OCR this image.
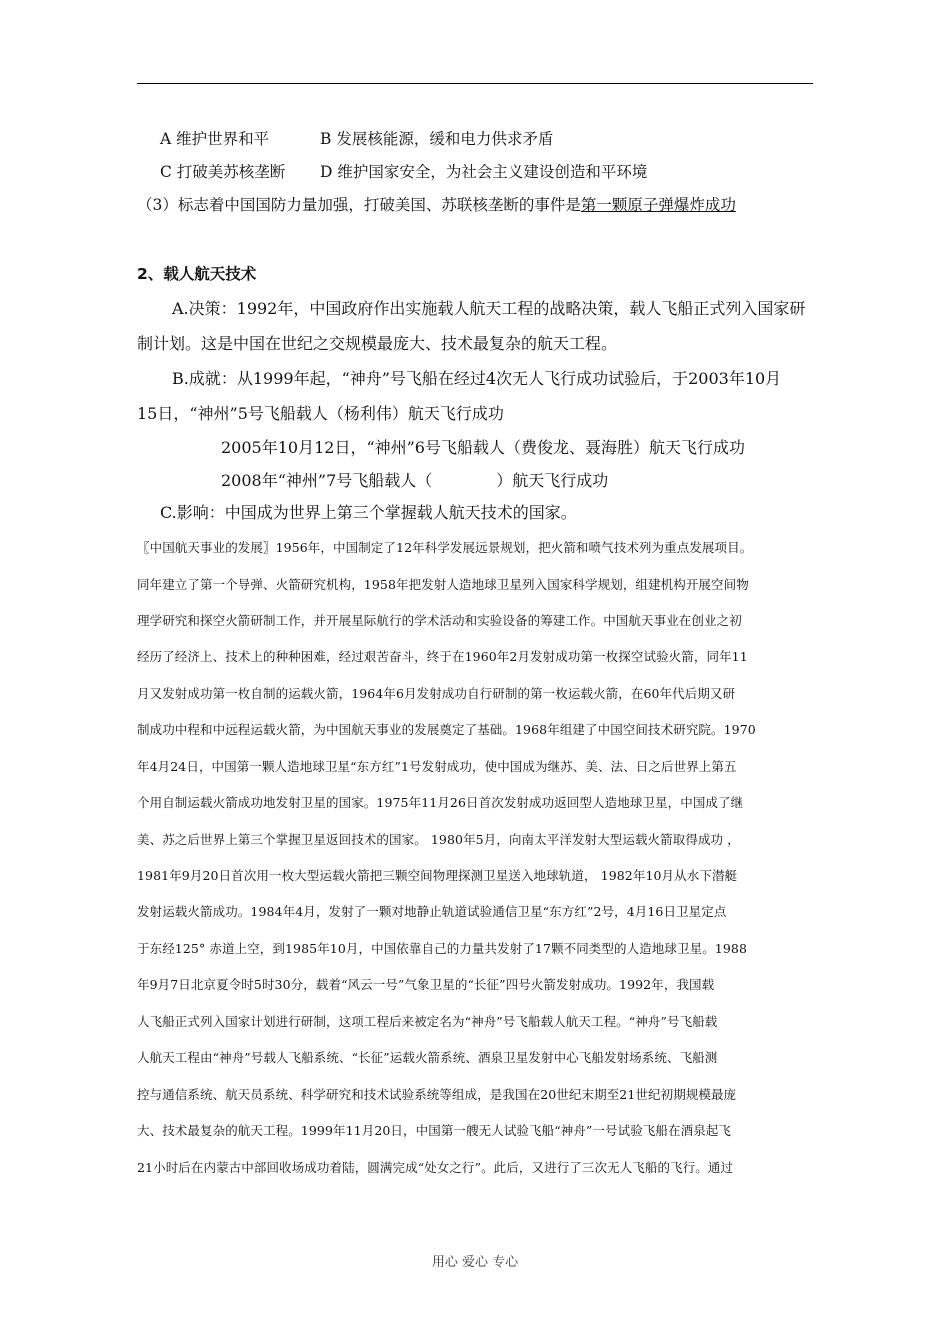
A 维护世界和平	B 发展核能源，缓和电力供求矛盾
C 打破美苏核垄断 D 维护国家安全，为社会主义建设创造和平环境
（3）标志着中国国防力量加强，打破美国、苏联核垄断的事件是第一颗原子弹爆炸成功
2、载人航天技术
A.决策：1992年，中国政府作出实施载人航天工程的战略决策，载人飞船正式列入国家研
制计划。这是中国在世纪之交规模最庞大、技术最复杂的航天工程。
B.成就：从1999年起，“神舟”号飞船在经过4次无人飞行成功试验后，于2003年10月
15日，“神州”5号飞船载人（杨利伟）航天飞行成功
2005年10月12日，“神州”6号飞船载人（费俊龙、聂海胜）航天飞行成功
2008年“神州”7号飞船载人（　　　　）航天飞行成功
C.影响：中国成为世界上第三个掌握载人航天技术的国家。
〖中国航天事业的发展〗1956年，中国制定了12年科学发展远景规划，把火箭和喷气技术列为重点发展项目。
同年建立了第一个导弹、火箭研究机构，1958年把发射人造地球卫星列入国家科学规划，组建机构开展空间物
理学研究和探空火箭研制工作，并开展星际航行的学术活动和实验设备的筹建工作。中国航天事业在创业之初
经历了经济上、技术上的种种困难，经过艰苦奋斗，终于在1960年2月发射成功第一枚探空试验火箭，同年11
月又发射成功第一枚自制的运载火箭，1964年6月发射成功自行研制的第一枚运载火箭，在60年代后期又研
制成功中程和中远程运载火箭，为中国航天事业的发展奠定了基础。1968年组建了中国空间技术研究院。1970
年4月24日，中国第一颗人造地球卫星“东方红”1号发射成功，使中国成为继苏、美、法、日之后世界上第五
个用自制运载火箭成功地发射卫星的国家。1975年11月26日首次发射成功返回型人造地球卫星，中国成了继
美、苏之后世界上第三个掌握卫星返回技术的国家。 1980年5月，向南太平洋发射大型运载火箭取得成功 ，
1981年9月20日首次用一枚大型运载火箭把三颗空间物理探测卫星送入地球轨道， 1982年10月从水下潜艇
发射运载火箭成功。1984年4月，发射了一颗对地静止轨道试验通信卫星“东方红”2号，4月16日卫星定点
于东经125° 赤道上空，到1985年10月，中国依靠自己的力量共发射了17颗不同类型的人造地球卫星。1988
年9月7日北京夏令时5时30分，载着“风云一号”气象卫星的“长征”四号火箭发射成功。1992年，我国载
人飞船正式列入国家计划进行研制，这项工程后来被定名为“神舟”号飞船载人航天工程。“神舟”号飞船载
人航天工程由“神舟”号载人飞船系统、“长征”运载火箭系统、酒泉卫星发射中心飞船发射场系统、飞船测
控与通信系统、航天员系统、科学研究和技术试验系统等组成，是我国在20世纪末期至21世纪初期规模最庞
大、技术最复杂的航天工程。1999年11月20日，中国第一艘无人试验飞船“神舟”一号试验飞船在酒泉起飞
21小时后在内蒙古中部回收场成功着陆，圆满完成“处女之行”。此后，又进行了三次无人飞船的飞行。通过
用心 爱心 专心
